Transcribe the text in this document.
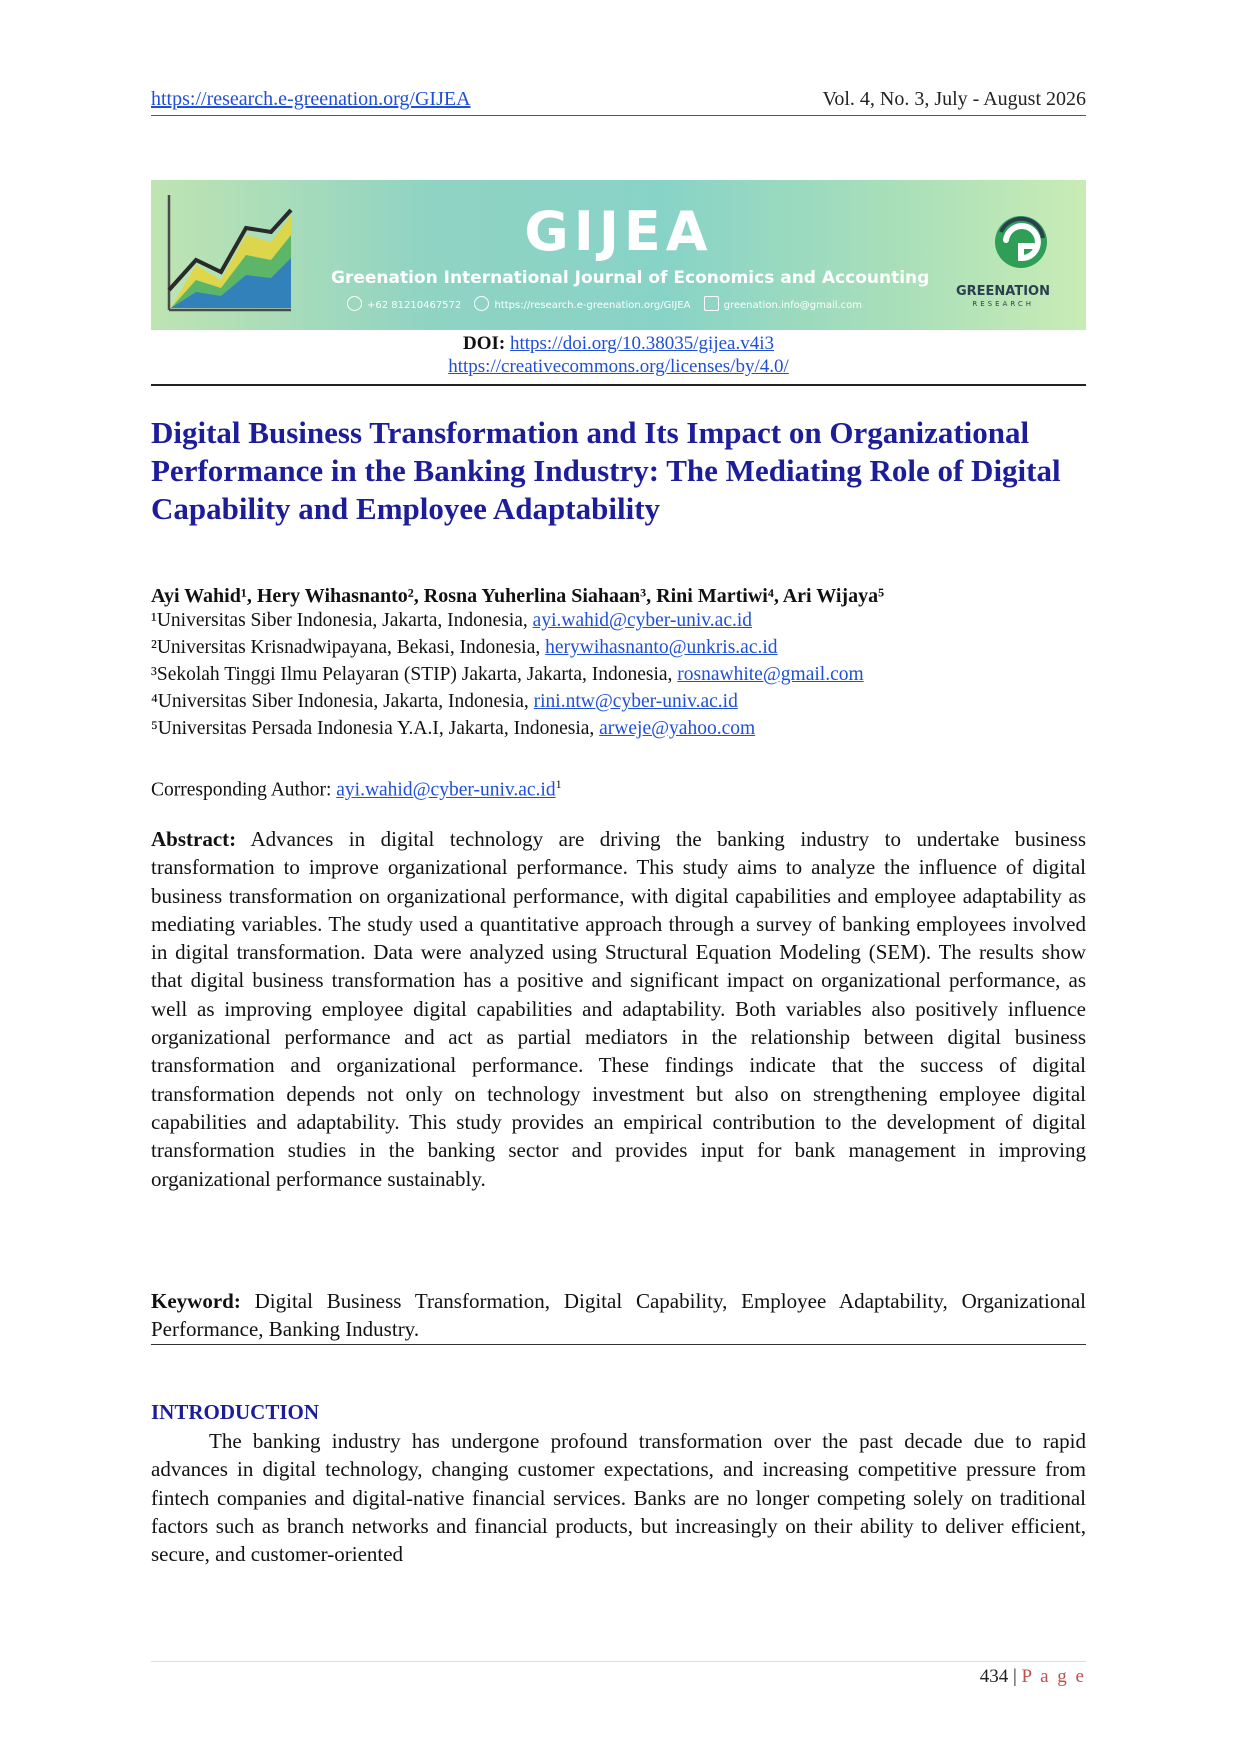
https://research.e-greenation.org/GIJEA	Vol. 4, No. 3, July - August 2026
GIJEA
Greenation International Journal of Economics and Accounting
+62 81210467572	https://research.e-greenation.org/GIJEA	greenation.info@gmail.com
GREENATION
RESEARCH
DOI: https://doi.org/10.38035/gijea.v4i3
https://creativecommons.org/licenses/by/4.0/
Digital Business Transformation and Its Impact on Organizational Performance in the Banking Industry: The Mediating Role of Digital Capability and Employee Adaptability
Ayi Wahid¹, Hery Wihasnanto², Rosna Yuherlina Siahaan³, Rini Martiwi⁴, Ari Wijaya⁵
¹Universitas Siber Indonesia, Jakarta, Indonesia, ayi.wahid@cyber-univ.ac.id
²Universitas Krisnadwipayana, Bekasi, Indonesia, herywihasnanto@unkris.ac.id
³Sekolah Tinggi Ilmu Pelayaran (STIP) Jakarta, Jakarta, Indonesia, rosnawhite@gmail.com
⁴Universitas Siber Indonesia, Jakarta, Indonesia, rini.ntw@cyber-univ.ac.id
⁵Universitas Persada Indonesia Y.A.I, Jakarta, Indonesia, arweje@yahoo.com
Corresponding Author: $ayi.wahid@cyber-univ.ac.id^1$
Abstract: Advances in digital technology are driving the banking industry to undertake business transformation to improve organizational performance. This study aims to analyze the influence of digital business transformation on organizational performance, with digital capabilities and employee adaptability as mediating variables. The study used a quantitative approach through a survey of banking employees involved in digital transformation. Data were analyzed using Structural Equation Modeling (SEM). The results show that digital business transformation has a positive and significant impact on organizational performance, as well as improving employee digital capabilities and adaptability. Both variables also positively influence organizational performance and act as partial mediators in the relationship between digital business transformation and organizational performance. These findings indicate that the success of digital transformation depends not only on technology investment but also on strengthening employee digital capabilities and adaptability. This study provides an empirical contribution to the development of digital transformation studies in the banking sector and provides input for bank management in improving organizational performance sustainably.
Keyword: Digital Business Transformation, Digital Capability, Employee Adaptability, Organizational Performance, Banking Industry.
INTRODUCTION
The banking industry has undergone profound transformation over the past decade due to rapid advances in digital technology, changing customer expectations, and increasing competitive pressure from fintech companies and digital-native financial services. Banks are no longer competing solely on traditional factors such as branch networks and financial products, but increasingly on their ability to deliver efficient, secure, and customer-oriented
434 | P a g e
